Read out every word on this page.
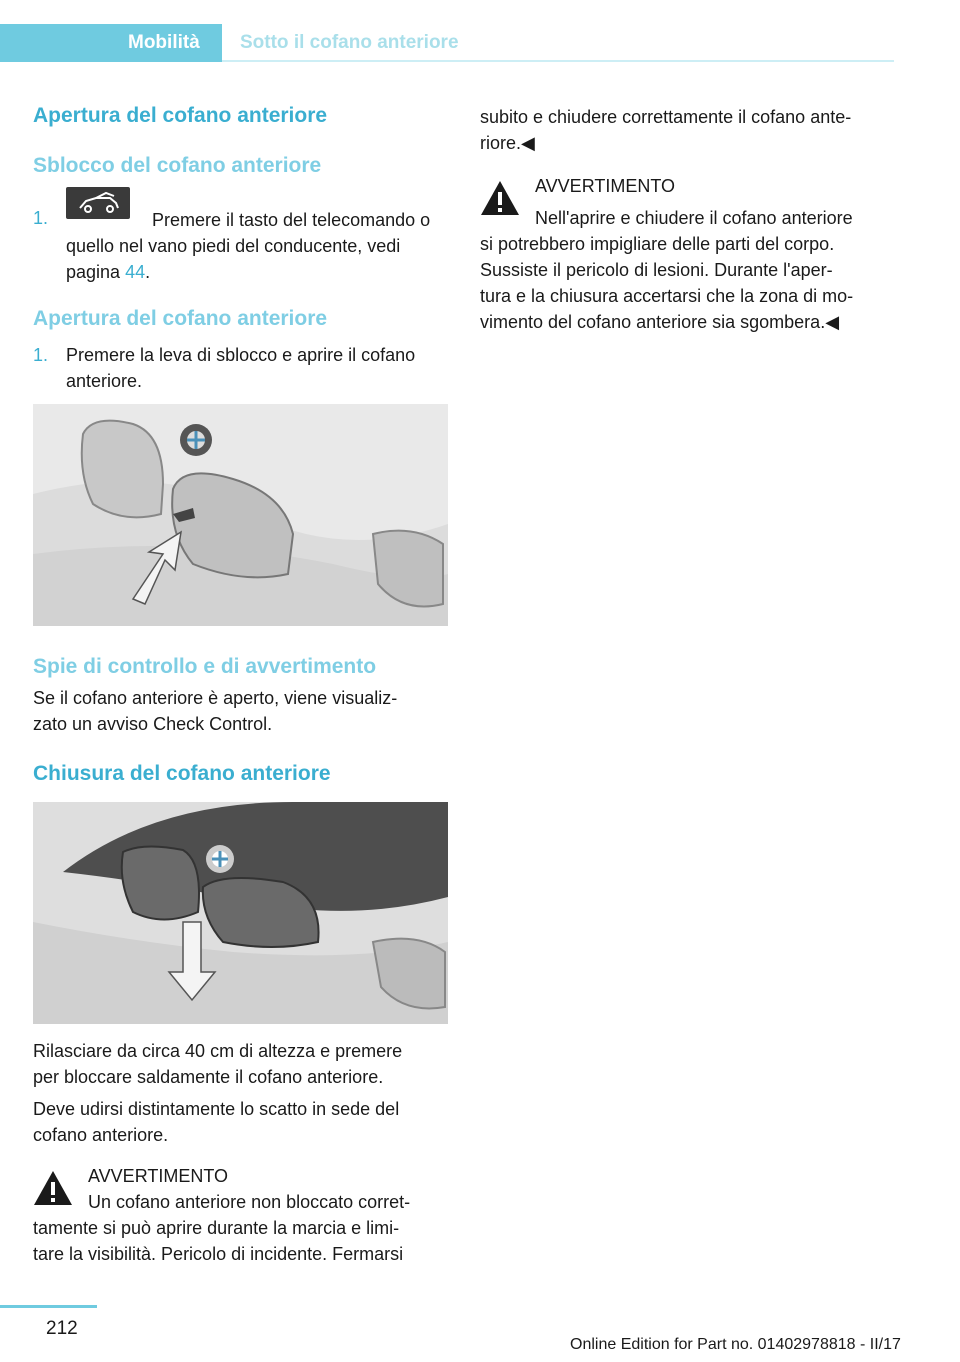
Mobilità	Sotto il cofano anteriore
Apertura del cofano anteriore
Sblocco del cofano anteriore
1.	Premere il tasto del telecomando o

quello nel vano piedi del conducente, vedi

pagina 44.

Apertura del cofano anteriore
1. Premere la leva di sblocco e aprire il cofano

anteriore.

Spie di controllo e di avvertimento

Se il cofano anteriore è aperto, viene visualiz‐

zato un avviso Check Control.

Chiusura del cofano anteriore

Rilasciare da circa 40 cm di altezza e premere

per bloccare saldamente il cofano anteriore.

Deve udirsi distintamente lo scatto in sede del

cofano anteriore.

AVVERTIMENTO

Un cofano anteriore non bloccato corret‐

tamente si può aprire durante la marcia e limi‐

tare la visibilità. Pericolo di incidente. Fermarsi

subito e chiudere correttamente il cofano ante‐

riore.◀

AVVERTIMENTO

Nell'aprire e chiudere il cofano anteriore

si potrebbero impigliare delle parti del corpo.

Sussiste il pericolo di lesioni. Durante l'aper‐

tura e la chiusura accertarsi che la zona di mo‐

vimento del cofano anteriore sia sgombera.◀

212
Online Edition for Part no. 01402978818 - II/17
